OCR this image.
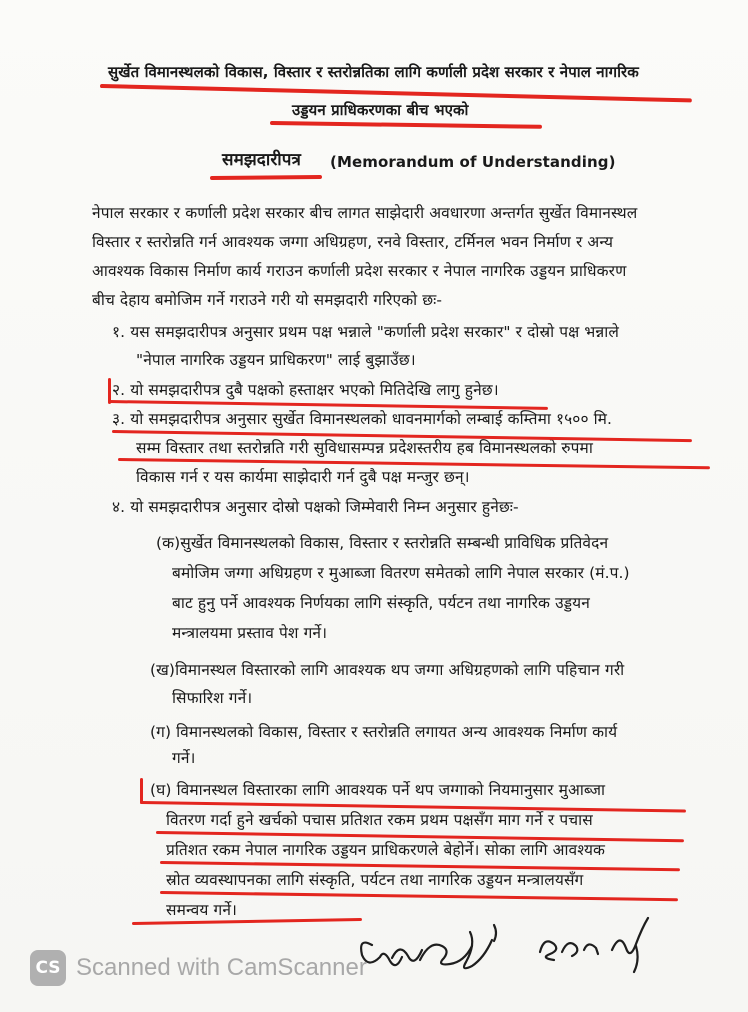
सुर्खेत विमानस्थलको विकास, विस्तार र स्तरोन्नतिका लागि कर्णाली प्रदेश सरकार र नेपाल नागरिक
उड्डयन प्राधिकरणका बीच भएको
समझदारीपत्र (Memorandum of Understanding)
नेपाल सरकार र कर्णाली प्रदेश सरकार बीच लागत साझेदारी अवधारणा अन्तर्गत सुर्खेत विमानस्थल
विस्तार र स्तरोन्नति गर्न आवश्यक जग्गा अधिग्रहण, रनवे विस्तार, टर्मिनल भवन निर्माण र अन्य
आवश्यक विकास निर्माण कार्य गराउन कर्णाली प्रदेश सरकार र नेपाल नागरिक उड्डयन प्राधिकरण
बीच देहाय बमोजिम गर्ने गराउने गरी यो समझदारी गरिएको छः-
१. यस समझदारीपत्र अनुसार प्रथम पक्ष भन्नाले "कर्णाली प्रदेश सरकार" र दोस्रो पक्ष भन्नाले
"नेपाल नागरिक उड्डयन प्राधिकरण" लाई बुझाउँछ।
२. यो समझदारीपत्र दुबै पक्षको हस्ताक्षर भएको मितिदेखि लागु हुनेछ।
३. यो समझदारीपत्र अनुसार सुर्खेत विमानस्थलको धावनमार्गको लम्बाई कम्तिमा १५०० मि.
सम्म विस्तार तथा स्तरोन्नति गरी सुविधासम्पन्न प्रदेशस्तरीय हब विमानस्थलको रुपमा
विकास गर्न र यस कार्यमा साझेदारी गर्न दुबै पक्ष मन्जुर छन्।
४. यो समझदारीपत्र अनुसार दोस्रो पक्षको जिम्मेवारी निम्न अनुसार हुनेछः-
(क)सुर्खेत विमानस्थलको विकास, विस्तार र स्तरोन्नति सम्बन्धी प्राविधिक प्रतिवेदन
बमोजिम जग्गा अधिग्रहण र मुआब्जा वितरण समेतको लागि नेपाल सरकार (मं.प.)
बाट हुनु पर्ने आवश्यक निर्णयका लागि संस्कृति, पर्यटन तथा नागरिक उड्डयन
मन्त्रालयमा प्रस्ताव पेश गर्ने।
(ख)विमानस्थल विस्तारको लागि आवश्यक थप जग्गा अधिग्रहणको लागि पहिचान गरी
सिफारिश गर्ने।
(ग) विमानस्थलको विकास, विस्तार र स्तरोन्नति लगायत अन्य आवश्यक निर्माण कार्य
गर्ने।
(घ) विमानस्थल विस्तारका लागि आवश्यक पर्ने थप जग्गाको नियमानुसार मुआब्जा
वितरण गर्दा हुने खर्चको पचास प्रतिशत रकम प्रथम पक्षसँग माग गर्ने र पचास
प्रतिशत रकम नेपाल नागरिक उड्डयन प्राधिकरणले बेहोर्ने। सोका लागि आवश्यक
स्रोत व्यवस्थापनका लागि संस्कृति, पर्यटन तथा नागरिक उड्डयन मन्त्रालयसँग
समन्वय गर्ने।
CS Scanned with CamScanner
